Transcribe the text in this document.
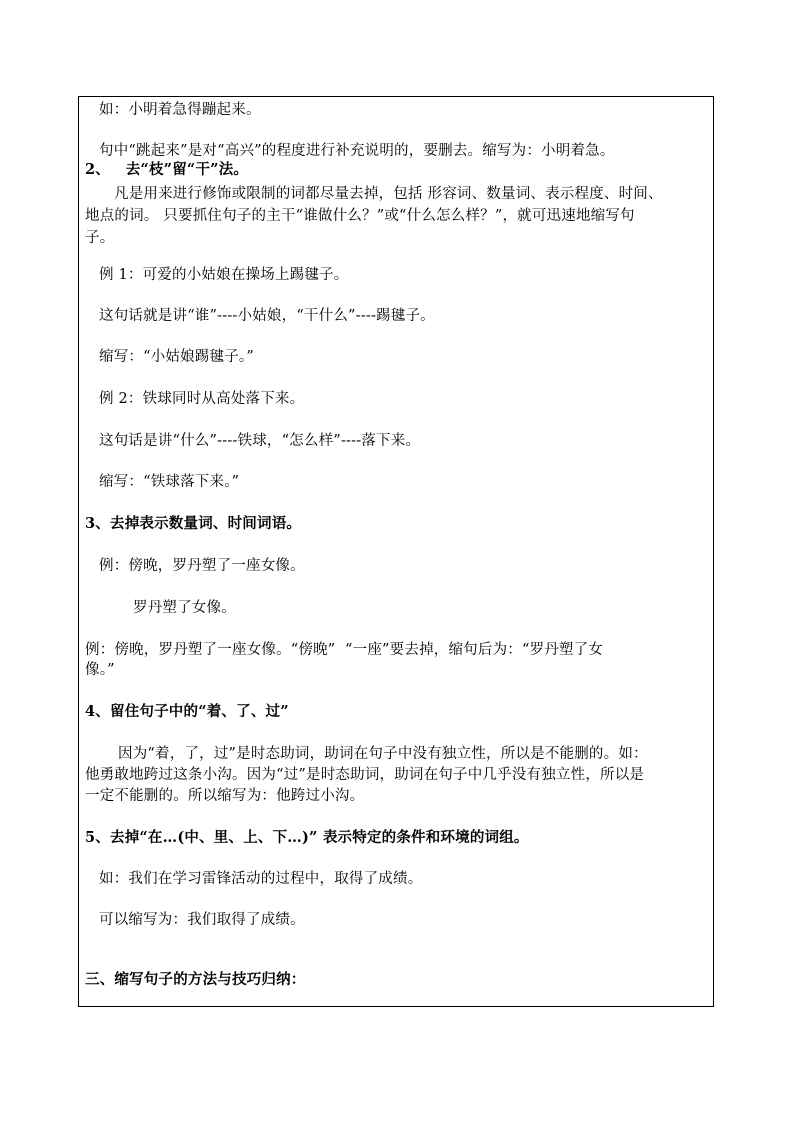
如：小明着急得蹦起来。
句中“跳起来”是对“高兴”的程度进行补充说明的，要删去。缩写为：小明着急。
2、   去“枝”留“干”法。
凡是用来进行修饰或限制的词都尽量去掉，包括 形容词、数量词、表示程度、时间、
地点的词。 只要抓住句子的主干“谁做什么？”或“什么怎么样？”，就可迅速地缩写句
子。
例 1：可爱的小姑娘在操场上踢毽子。
这句话就是讲“谁”----小姑娘，“干什么”----踢毽子。
缩写：“小姑娘踢毽子。”
例 2：铁球同时从高处落下来。
这句话是讲“什么”----铁球，“怎么样”----落下来。
缩写：“铁球落下来。”
3、去掉表示数量词、时间词语。
例：傍晚，罗丹塑了一座女像。
罗丹塑了女像。
例：傍晚，罗丹塑了一座女像。“傍晚”  “一座”要去掉，缩句后为：“罗丹塑了女
像。”
4、留住句子中的“着、了、过”
因为“着，了，过”是时态助词，助词在句子中没有独立性，所以是不能删的。如：
他勇敢地跨过这条小沟。因为“过”是时态助词，助词在句子中几乎没有独立性，所以是
一定不能删的。所以缩写为：他跨过小沟。
5、去掉“在…(中、里、上、下…)” 表示特定的条件和环境的词组。
如：我们在学习雷锋活动的过程中，取得了成绩。
可以缩写为：我们取得了成绩。
三、缩写句子的方法与技巧归纳：
